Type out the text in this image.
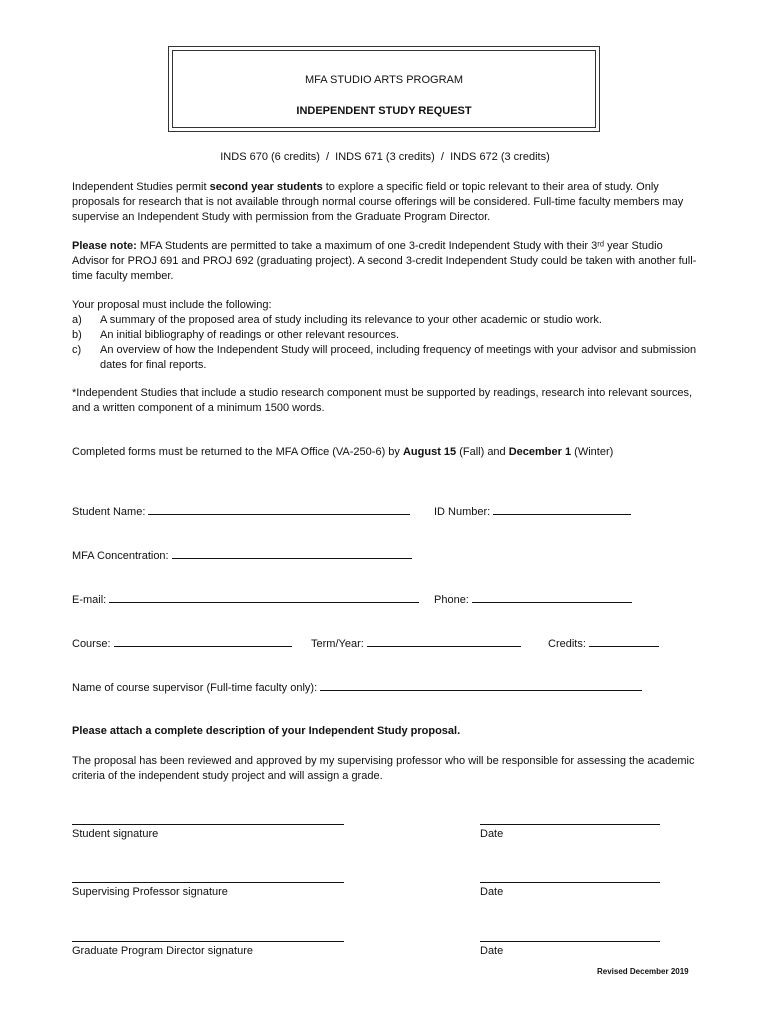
MFA STUDIO ARTS PROGRAM
INDEPENDENT STUDY REQUEST
INDS 670 (6 credits)  /  INDS 671 (3 credits)  /  INDS 672 (3 credits)
Independent Studies permit second year students to explore a specific field or topic relevant to their area of study. Only proposals for research that is not available through normal course offerings will be considered. Full-time faculty members may supervise an Independent Study with permission from the Graduate Program Director.
Please note: MFA Students are permitted to take a maximum of one 3-credit Independent Study with their 3ʳᵈ year Studio Advisor for PROJ 691 and PROJ 692 (graduating project). A second 3-credit Independent Study could be taken with another full-time faculty member.
Your proposal must include the following:
a) A summary of the proposed area of study including its relevance to your other academic or studio work.
b) An initial bibliography of readings or other relevant resources.
c) An overview of how the Independent Study will proceed, including frequency of meetings with your advisor and submission dates for final reports.
*Independent Studies that include a studio research component must be supported by readings, research into relevant sources, and a written component of a minimum 1500 words.
Completed forms must be returned to the MFA Office (VA-250-6) by August 15 (Fall) and December 1 (Winter)
Student Name:	ID Number:
MFA Concentration:
E-mail:	Phone:
Course:	Term/Year:	Credits:
Name of course supervisor (Full-time faculty only):
Please attach a complete description of your Independent Study proposal.
The proposal has been reviewed and approved by my supervising professor who will be responsible for assessing the academic criteria of the independent study project and will assign a grade.
Student signature	Date
Supervising Professor signature	Date
Graduate Program Director signature	Date
Revised December 2019
